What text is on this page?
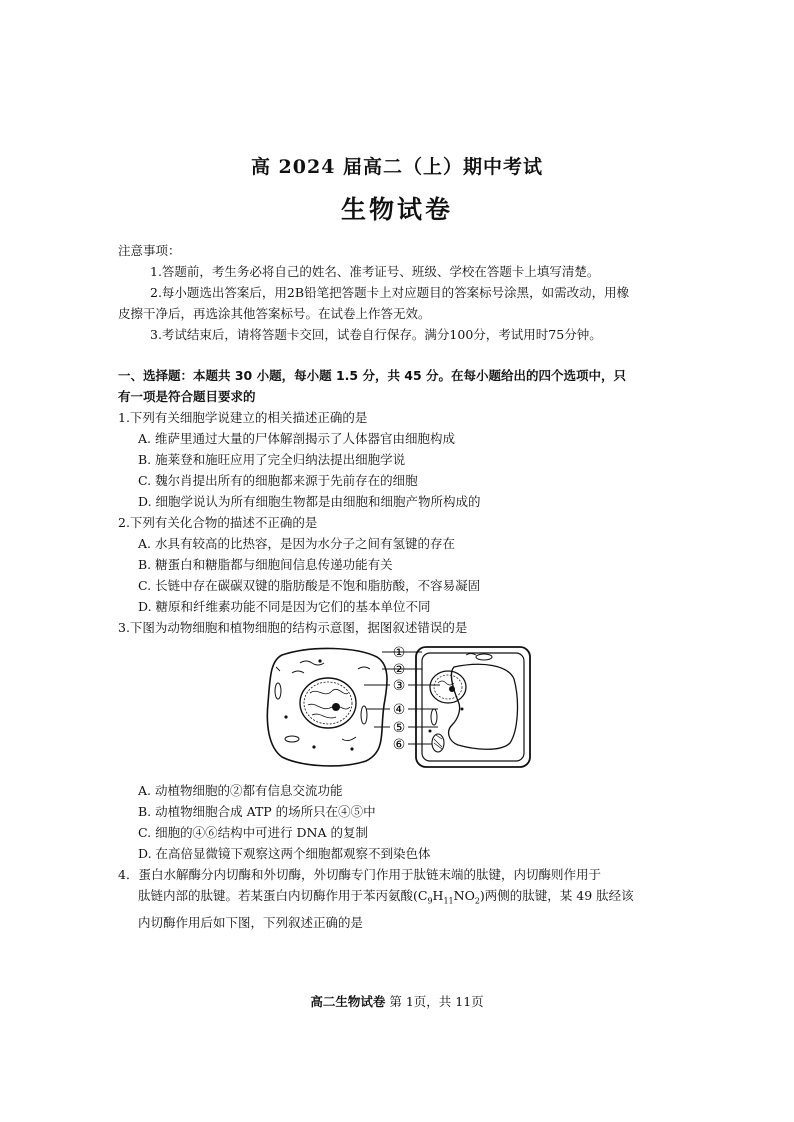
高 2024 届高二（上）期中考试
生物试卷
注意事项：
1.答题前，考生务必将自己的姓名、准考证号、班级、学校在答题卡上填写清楚。
2.每小题选出答案后，用2B铅笔把答题卡上对应题目的答案标号涂黑，如需改动，用橡
皮擦干净后，再选涂其他答案标号。在试卷上作答无效。
3.考试结束后，请将答题卡交回，试卷自行保存。满分100分，考试用时75分钟。
一、选择题：本题共 30 小题，每小题 1.5 分，共 45 分。在每小题给出的四个选项中，只
有一项是符合题目要求的
1.下列有关细胞学说建立的相关描述正确的是
A. 维萨里通过大量的尸体解剖揭示了人体器官由细胞构成
B. 施莱登和施旺应用了完全归纳法提出细胞学说
C. 魏尔肖提出所有的细胞都来源于先前存在的细胞
D. 细胞学说认为所有细胞生物都是由细胞和细胞产物所构成的
2.下列有关化合物的描述不正确的是
A. 水具有较高的比热容，是因为水分子之间有氢键的存在
B. 糖蛋白和糖脂都与细胞间信息传递功能有关
C. 长链中存在碳碳双键的脂肪酸是不饱和脂肪酸，不容易凝固
D. 糖原和纤维素功能不同是因为它们的基本单位不同
3.下图为动物细胞和植物细胞的结构示意图，据图叙述错误的是
①
②
③
④
⑤
⑥
A. 动植物细胞的②都有信息交流功能
B. 动植物细胞合成 ATP 的场所只在④⑤中
C. 细胞的④⑥结构中可进行 DNA 的复制
D. 在高倍显微镜下观察这两个细胞都观察不到染色体
4．蛋白水解酶分内切酶和外切酶，外切酶专门作用于肽链末端的肽键，内切酶则作用于
肽链内部的肽键。若某蛋白内切酶作用于苯丙氨酸$(C_9H_{11}NO_2)$两侧的肽键，某 49 肽经该
内切酶作用后如下图，下列叙述正确的是
高二生物试卷 第 1页，共 11页
